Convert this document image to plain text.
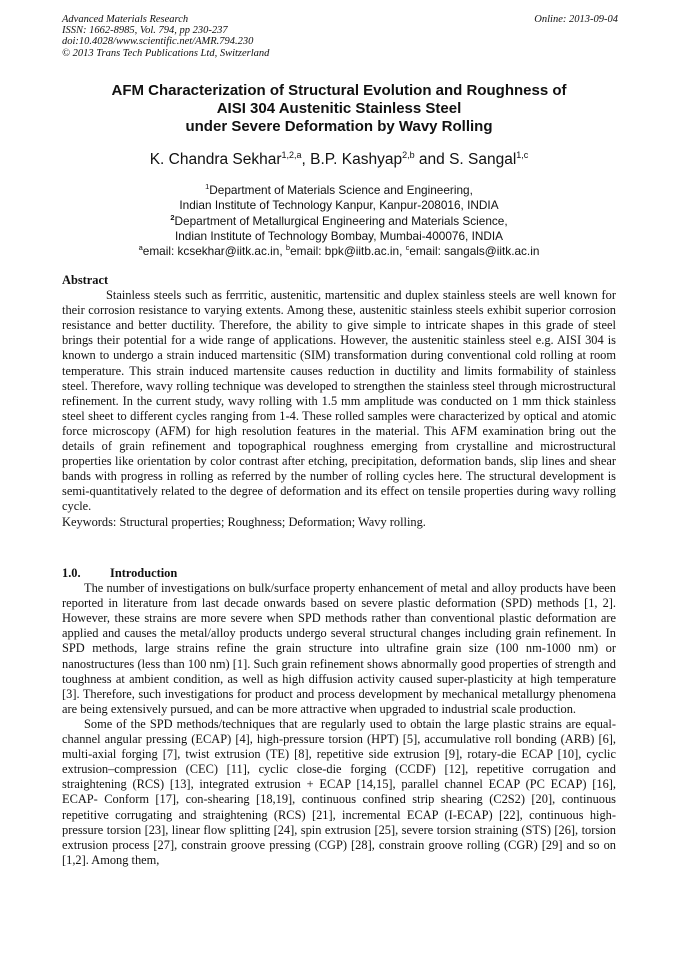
Advanced Materials Research
ISSN: 1662-8985, Vol. 794, pp 230-237
doi:10.4028/www.scientific.net/AMR.794.230
© 2013 Trans Tech Publications Ltd, Switzerland
Online: 2013-09-04
AFM Characterization of Structural Evolution and Roughness of
AISI 304 Austenitic Stainless Steel
under Severe Deformation by Wavy Rolling
K. Chandra Sekhar$^{1,2,a}$, B.P. Kashyap$^{2,b}$ and S. Sangal$^{1,c}$
$^1$Department of Materials Science and Engineering,
Indian Institute of Technology Kanpur, Kanpur-208016, INDIA
$^2$Department of Metallurgical Engineering and Materials Science,
Indian Institute of Technology Bombay, Mumbai-400076, INDIA
$^a$email: kcsekhar@iitk.ac.in, $^b$email: bpk@iitb.ac.in, $^c$email: sangals@iitk.ac.in
Abstract

Stainless steels such as ferrritic, austenitic, martensitic and duplex stainless steels are well known for their corrosion resistance to varying extents. Among these, austenitic stainless steels exhibit superior corrosion resistance and better ductility. Therefore, the ability to give simple to intricate shapes in this grade of steel brings their potential for a wide range of applications. However, the austenitic stainless steel e.g. AISI 304 is known to undergo a strain induced martensitic (SIM) transformation during conventional cold rolling at room temperature. This strain induced martensite causes reduction in ductility and limits formability of stainless steel. Therefore, wavy rolling technique was developed to strengthen the stainless steel through microstructural refinement. In the current study, wavy rolling with 1.5 mm amplitude was conducted on 1 mm thick stainless steel sheet to different cycles ranging from 1-4. These rolled samples were characterized by optical and atomic force microscopy (AFM) for high resolution features in the material. This AFM examination bring out the details of grain refinement and topographical roughness emerging from crystalline and microstructural properties like orientation by color contrast after etching, precipitation, deformation bands, slip lines and shear bands with progress in rolling as referred by the number of rolling cycles here. The structural development is semi-quantitatively related to the degree of deformation and its effect on tensile properties during wavy rolling cycle.

Keywords: Structural properties; Roughness; Deformation; Wavy rolling.
1.0.	Introduction

The number of investigations on bulk/surface property enhancement of metal and alloy products have been reported in literature from last decade onwards based on severe plastic deformation (SPD) methods [1, 2]. However, these strains are more severe when SPD methods rather than conventional plastic deformation are applied and causes the metal/alloy products undergo several structural changes including grain refinement. In SPD methods, large strains refine the grain structure into ultrafine grain size (100 nm-1000 nm) or nanostructures (less than 100 nm) [1]. Such grain refinement shows abnormally good properties of strength and toughness at ambient condition, as well as high diffusion activity caused super-plasticity at high temperature [3]. Therefore, such investigations for product and process development by mechanical metallurgy phenomena are being extensively pursued, and can be more attractive when upgraded to industrial scale production.

Some of the SPD methods/techniques that are regularly used to obtain the large plastic strains are equal-channel angular pressing (ECAP) [4], high-pressure torsion (HPT) [5], accumulative roll bonding (ARB) [6], multi-axial forging [7], twist extrusion (TE) [8], repetitive side extrusion [9], rotary-die ECAP [10], cyclic extrusion–compression (CEC) [11], cyclic close-die forging (CCDF) [12], repetitive corrugation and straightening (RCS) [13], integrated extrusion + ECAP [14,15], parallel channel ECAP (PC ECAP) [16], ECAP- Conform [17], con-shearing [18,19], continuous confined strip shearing (C2S2) [20], continuous repetitive corrugating and straightening (RCS) [21], incremental ECAP (I-ECAP) [22], continuous high-pressure torsion [23], linear flow splitting [24], spin extrusion [25], severe torsion straining (STS) [26], torsion extrusion process [27], constrain groove pressing (CGP) [28], constrain groove rolling (CGR) [29] and so on [1,2]. Among them,
